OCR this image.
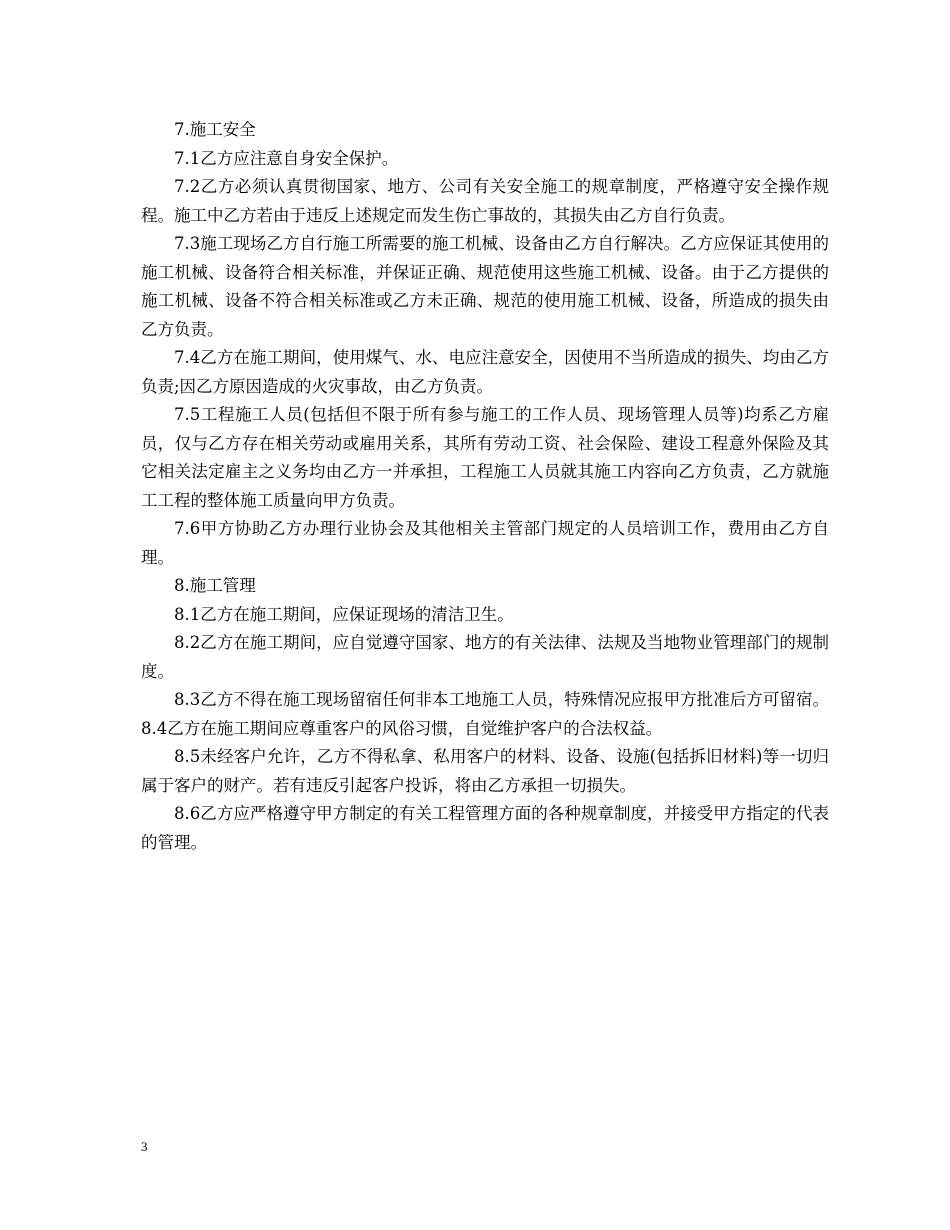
7.施工安全

7.1乙方应注意自身安全保护。

7.2乙方必须认真贯彻国家、地方、公司有关安全施工的规章制度，严格遵守安全操作规程。施工中乙方若由于违反上述规定而发生伤亡事故的，其损失由乙方自行负责。

7.3施工现场乙方自行施工所需要的施工机械、设备由乙方自行解决。乙方应保证其使用的施工机械、设备符合相关标准，并保证正确、规范使用这些施工机械、设备。由于乙方提供的施工机械、设备不符合相关标准或乙方未正确、规范的使用施工机械、设备，所造成的损失由乙方负责。

7.4乙方在施工期间，使用煤气、水、电应注意安全，因使用不当所造成的损失、均由乙方负责;因乙方原因造成的火灾事故，由乙方负责。

7.5工程施工人员(包括但不限于所有参与施工的工作人员、现场管理人员等)均系乙方雇员，仅与乙方存在相关劳动或雇用关系，其所有劳动工资、社会保险、建设工程意外保险及其它相关法定雇主之义务均由乙方一并承担，工程施工人员就其施工内容向乙方负责，乙方就施工工程的整体施工质量向甲方负责。

7.6甲方协助乙方办理行业协会及其他相关主管部门规定的人员培训工作，费用由乙方自理。

8.施工管理

8.1乙方在施工期间，应保证现场的清洁卫生。

8.2乙方在施工期间，应自觉遵守国家、地方的有关法律、法规及当地物业管理部门的规制度。

8.3乙方不得在施工现场留宿任何非本工地施工人员，特殊情况应报甲方批准后方可留宿。 8.4乙方在施工期间应尊重客户的风俗习惯，自觉维护客户的合法权益。

8.5未经客户允许，乙方不得私拿、私用客户的材料、设备、设施(包括拆旧材料)等一切归属于客户的财产。若有违反引起客户投诉，将由乙方承担一切损失。

8.6乙方应严格遵守甲方制定的有关工程管理方面的各种规章制度，并接受甲方指定的代表的管理。

3
